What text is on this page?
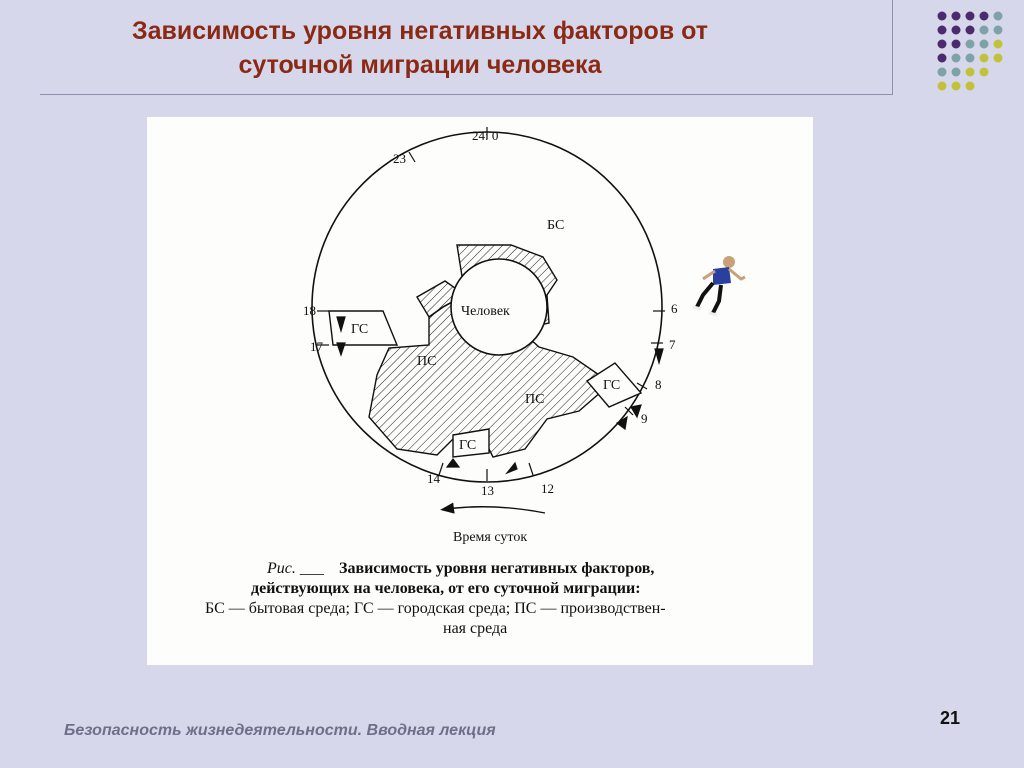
Зависимость уровня негативных факторов от
суточной миграции человека
24: 0
23
18
17
6
7
8
9
12
13
14
Человек
БС
ГС
ГС
ГС
ПС
ПС
Время суток
Рис. ___ Зависимость уровня негативных факторов,
действующих на человека, от его суточной миграции:
БС — бытовая среда; ГС — городская среда; ПС — производствен-
ная среда
Безопасность жизнедеятельности. Вводная лекция
21
